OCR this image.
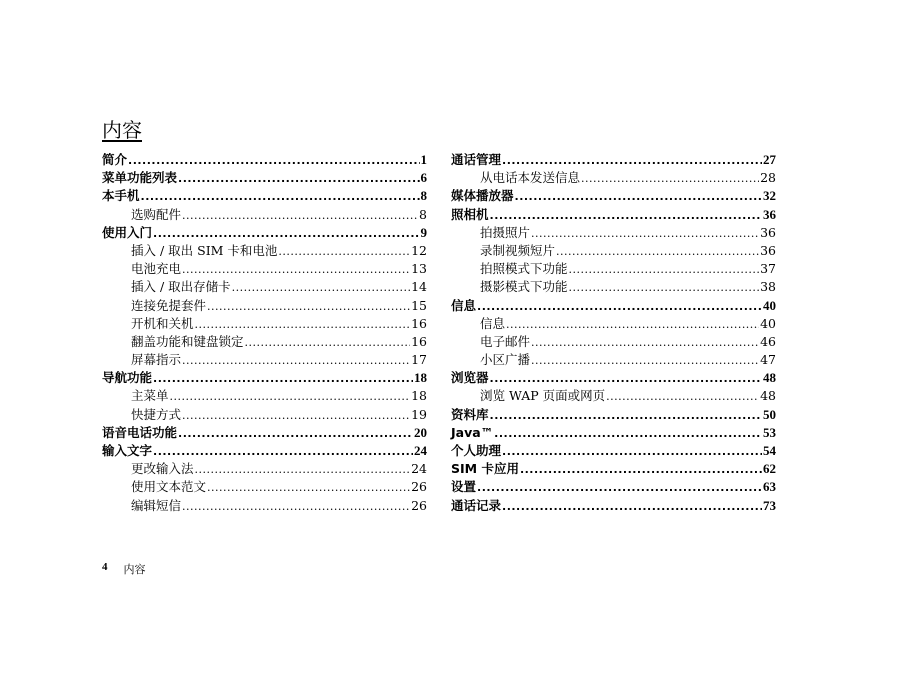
内容
简介 .....	1
菜单功能列表 .....	6
本手机 .....	8
选购配件 .....	8
使用入门 .....	9
插入 / 取出 SIM 卡和电池 .....	12
电池充电 .....	13
插入 / 取出存储卡 .....	14
连接免提套件 .....	15
开机和关机 .....	16
翻盖功能和键盘锁定 .....	16
屏幕指示 .....	17
导航功能 .....	18
主菜单 .....	18
快捷方式 .....	19
语音电话功能 .....	20
输入文字 .....	24
更改输入法 .....	24
使用文本范文 .....	26
编辑短信 .....	26
通话管理 .....	27
从电话本发送信息 .....	28
媒体播放器 .....	32
照相机 .....	36
拍摄照片 .....	36
录制视频短片 .....	36
拍照模式下功能 .....	37
摄影模式下功能 .....	38
信息 .....	40
信息 .....	40
电子邮件 .....	46
小区广播 .....	47
浏览器 .....	48
浏览 WAP 页面或网页 .....	48
资料库 .....	50
Java™ .....	53
个人助理 .....	54
SIM 卡应用 .....	62
设置 .....	63
通话记录 .....	73
4 内容
